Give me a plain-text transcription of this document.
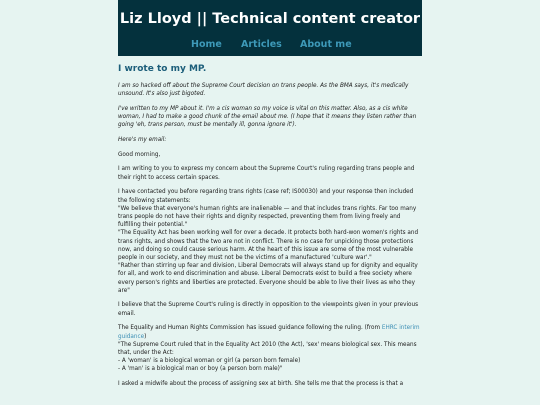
Liz Lloyd || Technical content creator
Home Articles About me
I wrote to my MP.

I am so hacked off about the Supreme Court decision on trans people. As the BMA says, it's medically unsound. It's also just bigoted.

I've written to my MP about it. I'm a cis woman so my voice is vital on this matter. Also, as a cis white woman, I had to make a good chunk of the email about me. (I hope that it means they listen rather than going 'eh, trans person, must be mentally ill, gonna ignore it').

Here's my email:

Good morning,

I am writing to you to express my concern about the Supreme Court's ruling regarding trans people and their right to access certain spaces.

I have contacted you before regarding trans rights (case ref; IS00030) and your response then included the following statements:
"We believe that everyone's human rights are inalienable — and that includes trans rights. Far too many trans people do not have their rights and dignity respected, preventing them from living freely and fulfilling their potential."
"The Equality Act has been working well for over a decade. It protects both hard-won women's rights and trans rights, and shows that the two are not in conflict. There is no case for unpicking those protections now, and doing so could cause serious harm. At the heart of this issue are some of the most vulnerable people in our society, and they must not be the victims of a manufactured 'culture war'."
"Rather than stirring up fear and division, Liberal Democrats will always stand up for dignity and equality for all, and work to end discrimination and abuse. Liberal Democrats exist to build a free society where every person's rights and liberties are protected. Everyone should be able to live their lives as who they are"

I believe that the Supreme Court's ruling is directly in opposition to the viewpoints given in your previous email.

The Equality and Human Rights Commission has issued guidance following the ruling. (from EHRC interim guidance)
"The Supreme Court ruled that in the Equality Act 2010 (the Act), 'sex' means biological sex. This means that, under the Act:
- A 'woman' is a biological woman or girl (a person born female)
- A 'man' is a biological man or boy (a person born male)"

I asked a midwife about the process of assigning sex at birth. She tells me that the process is that a
